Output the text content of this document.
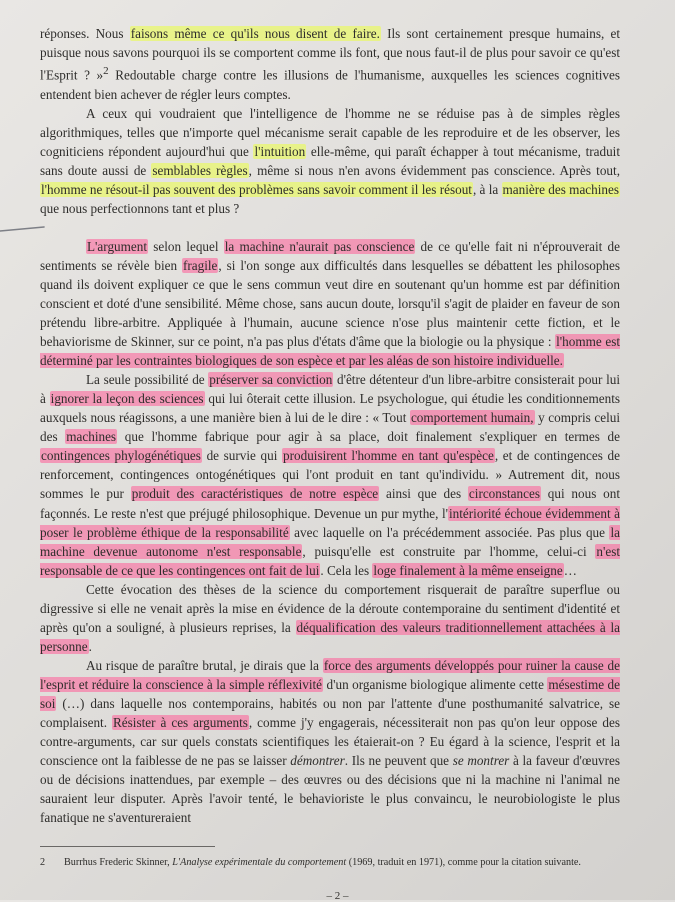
réponses. Nous faisons même ce qu'ils nous disent de faire. Ils sont certainement presque humains, et puisque nous savons pourquoi ils se comportent comme ils font, que nous faut-il de plus pour savoir ce qu'est l'Esprit ? »$^2$ Redoutable charge contre les illusions de l'humanisme, auxquelles les sciences cognitives entendent bien achever de régler leurs comptes.

A ceux qui voudraient que l'intelligence de l'homme ne se réduise pas à de simples règles algorithmiques, telles que n'importe quel mécanisme serait capable de les reproduire et de les observer, les cogniticiens répondent aujourd'hui que l'intuition elle-même, qui paraît échapper à tout mécanisme, traduit sans doute aussi de semblables règles, même si nous n'en avons évidemment pas conscience. Après tout, l'homme ne résout-il pas souvent des problèmes sans savoir comment il les résout, à la manière des machines que nous perfectionnons tant et plus ?

L'argument selon lequel la machine n'aurait pas conscience de ce qu'elle fait ni n'éprouverait de sentiments se révèle bien fragile, si l'on songe aux difficultés dans lesquelles se débattent les philosophes quand ils doivent expliquer ce que le sens commun veut dire en soutenant qu'un homme est par définition conscient et doté d'une sensibilité. Même chose, sans aucun doute, lorsqu'il s'agit de plaider en faveur de son prétendu libre-arbitre. Appliquée à l'humain, aucune science n'ose plus maintenir cette fiction, et le behaviorisme de Skinner, sur ce point, n'a pas plus d'états d'âme que la biologie ou la physique : l'homme est déterminé par les contraintes biologiques de son espèce et par les aléas de son histoire individuelle.

La seule possibilité de préserver sa conviction d'être détenteur d'un libre-arbitre consisterait pour lui à ignorer la leçon des sciences qui lui ôterait cette illusion. Le psychologue, qui étudie les conditionnements auxquels nous réagissons, a une manière bien à lui de le dire : « Tout comportement humain, y compris celui des machines que l'homme fabrique pour agir à sa place, doit finalement s'expliquer en termes de contingences phylogénétiques de survie qui produisirent l'homme en tant qu'espèce, et de contingences de renforcement, contingences ontogénétiques qui l'ont produit en tant qu'individu. » Autrement dit, nous sommes le pur produit des caractéristiques de notre espèce ainsi que des circonstances qui nous ont façonnés. Le reste n'est que préjugé philosophique. Devenue un pur mythe, l'intériorité échoue évidemment à poser le problème éthique de la responsabilité avec laquelle on l'a précédemment associée. Pas plus que la machine devenue autonome n'est responsable, puisqu'elle est construite par l'homme, celui-ci n'est responsable de ce que les contingences ont fait de lui. Cela les loge finalement à la même enseigne…

Cette évocation des thèses de la science du comportement risquerait de paraître superflue ou digressive si elle ne venait après la mise en évidence de la déroute contemporaine du sentiment d'identité et après qu'on a souligné, à plusieurs reprises, la déqualification des valeurs traditionnellement attachées à la personne.

Au risque de paraître brutal, je dirais que la force des arguments développés pour ruiner la cause de l'esprit et réduire la conscience à la simple réflexivité d'un organisme biologique alimente cette mésestime de soi (…) dans laquelle nos contemporains, habités ou non par l'attente d'une posthumanité salvatrice, se complaisent. Résister à ces arguments, comme j'y engagerais, nécessiterait non pas qu'on leur oppose des contre-arguments, car sur quels constats scientifiques les étaierait-on ? Eu égard à la science, l'esprit et la conscience ont la faiblesse de ne pas se laisser démontrer. Ils ne peuvent que se montrer à la faveur d'œuvres ou de décisions inattendues, par exemple – des œuvres ou des décisions que ni la machine ni l'animal ne sauraient leur disputer. Après l'avoir tenté, le behavioriste le plus convaincu, le neurobiologiste le plus fanatique ne s'aventureraient

2 Burrhus Frederic Skinner, L'Analyse expérimentale du comportement (1969, traduit en 1971), comme pour la citation suivante.
– 2 –
